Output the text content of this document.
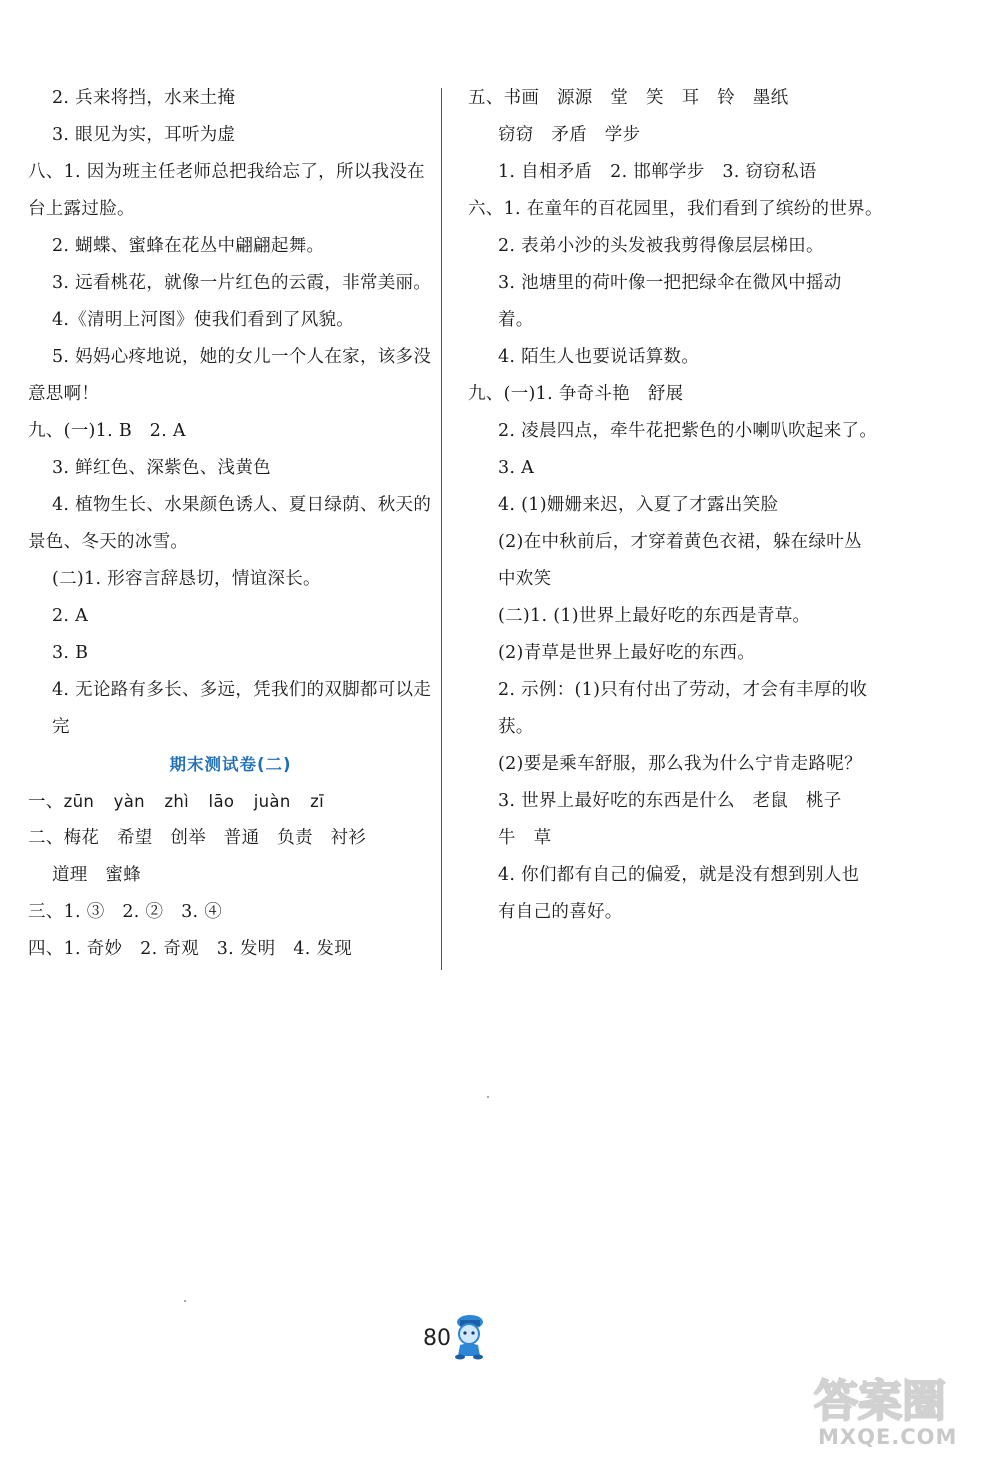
2. 兵来将挡，水来土掩
3. 眼见为实，耳听为虚
八、1. 因为班主任老师总把我给忘了，所以我没在
台上露过脸。
2. 蝴蝶、蜜蜂在花丛中翩翩起舞。
3. 远看桃花，就像一片红色的云霞，非常美丽。
4.《清明上河图》使我们看到了风貌。
5. 妈妈心疼地说，她的女儿一个人在家，该多没
意思啊！
九、(一)1. B　2. A
3. 鲜红色、深紫色、浅黄色
4. 植物生长、水果颜色诱人、夏日绿荫、秋天的
景色、冬天的冰雪。
(二)1. 形容言辞恳切，情谊深长。
2. A
3. B
4. 无论路有多长、多远，凭我们的双脚都可以走
完
期末测试卷(二)
一、zūn yàn zhì lāo juàn zī
二、梅花　希望　创举　普通　负责　衬衫
道理　蜜蜂
三、1. ③　2. ②　3. ④
四、1. 奇妙　2. 奇观　3. 发明　4. 发现
五、书画　源源　堂　笑　耳　铃　墨纸
窃窃　矛盾　学步
1. 自相矛盾　2. 邯郸学步　3. 窃窃私语
六、1. 在童年的百花园里，我们看到了缤纷的世界。
2. 表弟小沙的头发被我剪得像层层梯田。
3. 池塘里的荷叶像一把把绿伞在微风中摇动
着。
4. 陌生人也要说话算数。
九、(一)1. 争奇斗艳　舒展
2. 凌晨四点，牵牛花把紫色的小喇叭吹起来了。
3. A
4. (1)姗姗来迟，入夏了才露出笑脸
(2)在中秋前后，才穿着黄色衣裙，躲在绿叶丛
中欢笑
(二)1. (1)世界上最好吃的东西是青草。
(2)青草是世界上最好吃的东西。
2. 示例：(1)只有付出了劳动，才会有丰厚的收
获。
(2)要是乘车舒服，那么我为什么宁肯走路呢？
3. 世界上最好吃的东西是什么　老鼠　桃子
牛　草
4. 你们都有自己的偏爱，就是没有想到别人也
有自己的喜好。
80
答案圈
MXQE.COM
